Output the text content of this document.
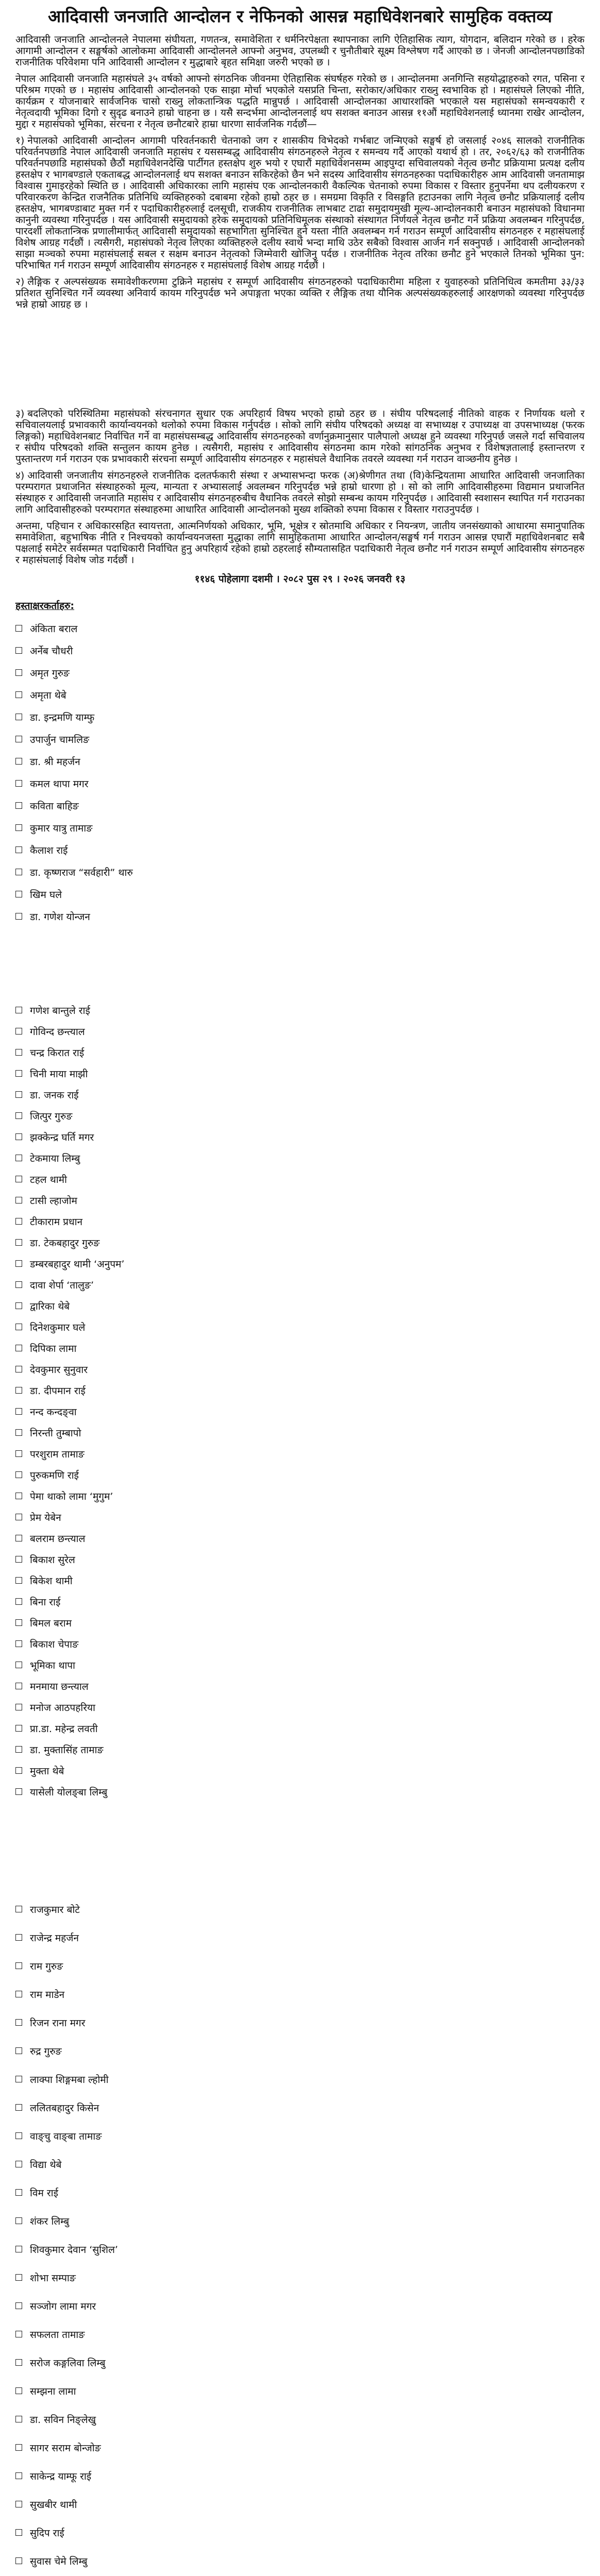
आदिवासी जनजाति आन्दोलन र नेफिनको आसन्न महाधिवेशनबारे सामुहिक वक्तव्य

आदिवासी जनजाति आन्दोलनले नेपालमा संघीयता, गणतन्त्र, समावेशिता र धर्मनिरपेक्षता स्थापनाका लागि ऐतिहासिक त्याग, योगदान, बलिदान गरेको छ । हरेक आगामी आन्दोलन र सङ्घर्षको आलोकमा आदिवासी आन्दोलनले आफ्नो अनुभव, उपलब्धी र चुनौतीबारे सूक्ष्म विश्लेषण गर्दै आएको छ । जेनजी आन्दोलनपछाडिको राजनीतिक परिवेशमा पनि आदिवासी आन्दोलन र मुद्धाबारे बृहत समिक्षा जरुरी भएको छ ।

नेपाल आदिवासी जनजाति महासंघले ३५ वर्षको आफ्नो संगठनिक जीवनमा ऐतिहासिक संघर्षहरु गरेको छ । आन्दोलनमा अनगिन्ति सहयोद्धाहरुको रगत, पसिना र परिश्रम गएको छ । महासंघ आदिवासी आन्दोलनको एक साझा मोर्चा भएकोले यसप्रति चिन्ता, सरोकार/अधिकार राख्नु स्वभाविक हो । महासंघले लिएको नीति, कार्यक्रम र योजनाबारे सार्वजनिक चासो राख्नु लोकतान्त्रिक पद्धति मान्नुपर्छ । आदिवासी आन्दोलनका आधारशक्ति भएकाले यस महासंघको समन्वयकारी र नेतृत्वदायी भूमिका दिगो र सुदृढ बनाउने हाम्रो चाहना छ । यसै सन्दर्भमा आन्दोलनलाई थप सशक्त बनाउन आसन्न ११औं महाधिवेशनलाई ध्यानमा राखेर आन्दोलन, मुद्दा र महासंघको भूमिका, संरचना र नेतृत्व छनौटबारे हाम्रा धारणा सार्वजनिक गर्दछौं—

१) नेपालको आदिवासी आन्दोलन आगामी परिवर्तनकारी चेतनाको जग र शासकीय विभेदको गर्भबाट जन्मिएको सङ्घर्ष हो जसलाई २०४६ सालको राजनीतिक परिवर्तनपछाडि नेपाल आदिवासी जनजाति महासंघ र यससम्बद्ध आदिवासीय संगठनहरुले नेतृत्व र समन्वय गर्दै आएको यथार्थ हो । तर, २०६२/६३ को राजनीतिक परिवर्तनपछाडि महासंघको छैठौं महाधिवेशनदेखि पार्टीगत हस्तक्षेप शुरु भयो र एघारौं महाधिवेशनसम्म आइपुग्दा सचिवालयको नेतृत्व छनौट प्रक्रियामा प्रत्यक्ष दलीय हस्तक्षेप र भागबण्डाले एकताबद्ध आन्दोलनलाई थप सशक्त बनाउन सकिरहेको छैन भने सदस्य आदिवासीय संगठनहरुका पदाधिकारीहरु आम आदिवासी जनतामाझ विश्वास गुमाइरहेको स्थिति छ । आदिवासी अधिकारका लागि महासंघ एक आन्दोलनकारी वैकल्पिक चेतनाको रुपमा विकास र विस्तार हुनुपर्नेमा थप दलीयकरण र परिवारकरण केन्द्रित राजनैतिक प्रतिनिधि व्यक्तिहरुको दबाबमा रहेको हाम्रो ठहर छ । समग्रमा विकृति र विसङ्गति हटाउनका लागि नेतृत्व छनौट प्रक्रियालाई दलीय हस्तक्षेप, भागबण्डाबाट मुक्त गर्न र पदाधिकारीहरुलाई दलसूची, राजकीय राजनीतिक लाभबाट टाढा समुदायमुखी मूल्य-आन्दोलनकारी बनाउन महासंघको विधानमा कानुनी व्यवस्था गरिनुपर्दछ । यस आदिवासी समुदायको हरेक समुदायको प्रतिनिधिमूलक संस्थाको संस्थागत निर्णयले नेतृत्व छनौट गर्ने प्रक्रिया अवलम्बन गरिनुपर्दछ, पारदर्शी लोकतान्त्रिक प्रणालीमार्फत् आदिवासी समुदायको सहभागिता सुनिश्चित हुने यस्ता नीति अवलम्बन गर्न गराउन सम्पूर्ण आदिवासीय संगठनहरु र महासंघलाई विशेष आग्रह गर्दछौं । त्यसैगरी, महासंघको नेतृत्व लिएका व्यक्तिहरुले दलीय स्वार्थ भन्दा माथि उठेर सबैको विश्वास आर्जन गर्न सक्नुपर्छ । आदिवासी आन्दोलनको साझा मञ्चको रुपमा महासंघलाई सबल र सक्षम बनाउन नेतृत्वको जिम्मेवारी खोजिनु पर्दछ । राजनीतिक नेतृत्व तरिका छनौट हुने भएकाले तिनको भूमिका पुन: परिभाषित गर्न गराउन सम्पूर्ण आदिवासीय संगठनहरु र महासंघलाई विशेष आग्रह गर्दछौं ।

२) लैङ्गिक र अल्पसंख्यक समावेशीकरणमा टुक्रिने महासंघ र सम्पूर्ण आदिवासीय संगठनहरुको पदाधिकारीमा महिला र युवाहरुको प्रतिनिधित्व कमतीमा ३३/३३ प्रतिशत सुनिश्चित गर्ने व्यवस्था अनिवार्य कायम गरिनुपर्दछ भने अपाङ्गता भएका व्यक्ति र लैङ्गिक तथा यौनिक अल्पसंख्यकहरुलाई आरक्षणको व्यवस्था गरिनुपर्दछ भन्ने हाम्रो आग्रह छ ।

३) बदलिएको परिस्थितिमा महासंघको संरचनागत सुधार एक अपरिहार्य विषय भएको हाम्रो ठहर छ । संघीय परिषदलाई नीतिको वाहक र निर्णायक थलो र सचिवालयलाई प्रभावकारी कार्यान्वयनको थलोको रुपमा विकास गर्नुपर्दछ । सोको लागि संघीय परिषदको अध्यक्ष वा सभाध्यक्ष र उपाध्यक्ष वा उपसभाध्यक्ष (फरक लिङ्गको) महाधिवेशनबाट निर्वाचित गर्ने वा महासंघसम्बद्ध आदिवासीय संगठनहरुको वर्णानुक्रमानुसार पालैपालो अध्यक्ष हुने व्यवस्था गरिनुपर्छ जसले गर्दा सचिवालय र संघीय परिषदको शक्ति सन्तुलन कायम हुनेछ । त्यसैगरी, महासंघ र आदिवासीय संगठनमा काम गरेको सांगठनिक अनुभव र विशेषज्ञतालाई हस्तान्तरण र पुस्तान्तरण गर्न गराउन एक प्रभावकारी संरचना सम्पूर्ण आदिवासीय संगठनहरु र महासंघले वैधानिक तवरले व्यवस्था गर्न गराउन वाञ्छनीय हुनेछ ।

४) आदिवासी जनजातीय संगठनहरुले राजनीतिक दलतर्फकारी संस्था र अभ्यासभन्दा फरक (अ)श्रेणीगत तथा (वि)केन्द्रियतामा आधारित आदिवासी जनजातिका परम्परागत प्रथाजनित संस्थाहरुको मूल्य, मान्यता र अभ्यासलाई अवलम्बन गरिनुपर्दछ भन्ने हाम्रो धारणा हो । सो को लागि आदिवासीहरुमा विद्यमान प्रथाजनित संस्थाहरु र आदिवासी जनजाति महासंघ र आदिवासीय संगठनहरुबीच वैधानिक तवरले सोझो सम्बन्ध कायम गरिनुपर्दछ । आदिवासी स्वशासन स्थापित गर्न गराउनका लागि आदिवासीहरुको परम्परागत संस्थाहरुमा आधारित आदिवासी आन्दोलनको मुख्य शक्तिको रुपमा विकास र विस्तार गराउनुपर्दछ ।

अन्तमा, पहिचान र अधिकारसहित स्वायत्तता, आत्मनिर्णयको अधिकार, भूमि, भूक्षेत्र र स्रोतमाथि अधिकार र नियन्त्रण, जातीय जनसंख्याको आधारमा समानुपातिक समावेशिता, बहुभाषिक नीति र निश्चयको कार्यान्वयनजस्ता मुद्धाका लागि सामुहिकतामा आधारित आन्दोलन/सङ्घर्ष गर्न गराउन आसन्न एघारौं महाधिवेशनबाट सबै पक्षलाई समेटेर सर्वसम्मत पदाधिकारी निर्वाचित हुनु अपरिहार्य रहेको हाम्रो ठहरलाई सौम्यतासहित पदाधिकारी नेतृत्व छनौट गर्न गराउन सम्पूर्ण आदिवासीय संगठनहरु र महासंघलाई विशेष जोड गर्दछौं ।

११४६ पोहेलागा दशमी । २०८२ पुस २९ । २०२६ जनवरी १३
हस्ताक्षरकर्ताहरु:
अंकिता बराल
अर्नेब चौधरी
अमृत गुरुङ
अमृता थेबे
डा. इन्द्रमणि याम्फु
उपार्जुन चामलिङ
डा. श्री महर्जन
कमल थापा मगर
कविता बाहिङ
कुमार यात्रु तामाङ
कैलाश राई
डा. कृष्णराज “सर्वहारी” थारु
खिम घले
डा. गणेश योन्जन
गणेश बान्तुले राई
गोविन्द छन्त्याल
चन्द्र किरात राई
चिनी माया माझी
डा. जनक राई
जित्पुर गुरुङ
झक्केन्द्र घर्ति मगर
टेकमाया लिम्बु
टहल थामी
टासी ल्हाजोम
टीकाराम प्रधान
डा. टेकबहादुर गुरुङ
डम्बरबहादुर थामी ‘अनुपम’
दावा शेर्पा ‘तालुङ’
द्वारिका थेबे
दिनेशकुमार घले
दिपिका लामा
देवकुमार सुनुवार
डा. दीपमान राई
नन्द कन्दङ्वा
निरन्ती तुम्बापो
परशुराम तामाङ
पुरुकमणि राई
पेमा थाको लामा ‘मुगुम’
प्रेम येबेन
बलराम छन्त्याल
बिकाश सुरेल
बिकेश थामी
बिना राई
बिमल बराम
बिकाश चेपाङ
भूमिका थापा
मनमाया छन्त्याल
मनोज आठपहरिया
प्रा.डा. महेन्द्र लवती
डा. मुक्तासिंह तामाङ
मुक्ता थेबे
यासेली योलङ्बा लिम्बु
राजकुमार बोटे
राजेन्द्र महर्जन
राम गुरुङ
राम माडेन
रिजन राना मगर
रुद्र गुरुङ
लाक्पा शिङ्गमबा ल्होमी
ललितबहादुर किसेन
वाङ्चु वाङ्बा तामाङ
विद्या थेबे
विम राई
शंकर लिम्बु
शिवकुमार देवान ‘सुशिल’
शोभा सम्पाङ
सञ्जोग लामा मगर
सफलता तामाङ
सरोज कङ्गलिवा लिम्बु
सम्झना लामा
डा. सविन निङ्लेखु
सागर सराम बोन्जोङ
साकेन्द्र याम्फू राई
सुखबीर थामी
सुदिप राई
सुवास चेमे लिम्बु
